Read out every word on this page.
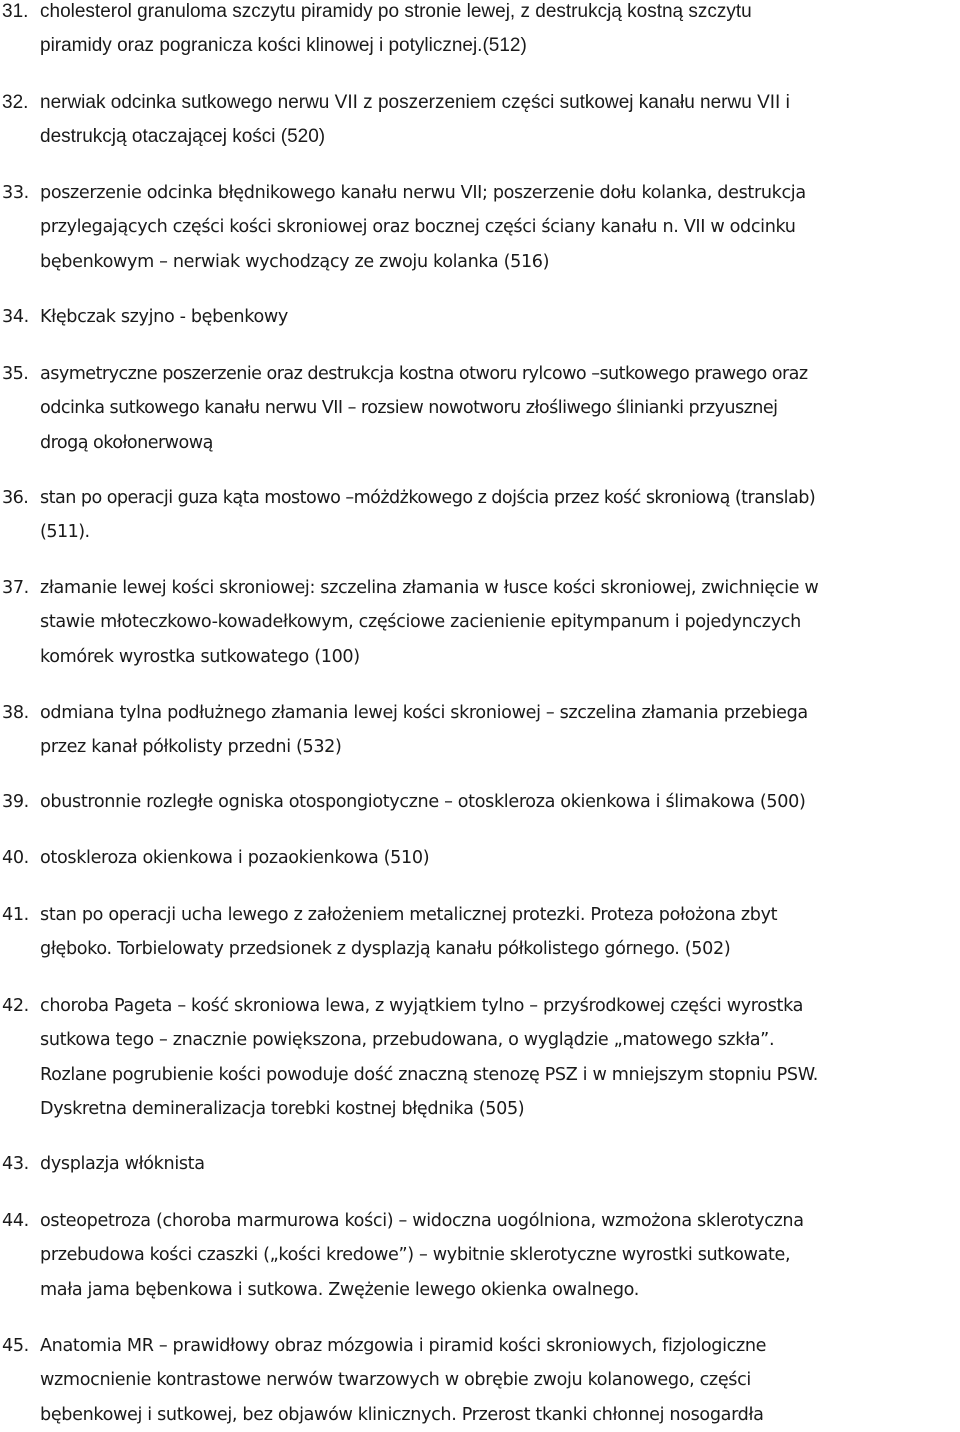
31. cholesterol granuloma szczytu piramidy po stronie lewej, z destrukcją kostną szczytu
piramidy oraz pogranicza kości klinowej i potylicznej.(512)
32. nerwiak odcinka sutkowego nerwu VII z poszerzeniem części sutkowej kanału nerwu VII i
destrukcją otaczającej kości (520)
33. poszerzenie odcinka błędnikowego kanału nerwu VII; poszerzenie dołu kolanka, destrukcja
przylegających części kości skroniowej oraz bocznej części ściany kanału n. VII w odcinku
bębenkowym – nerwiak wychodzący ze zwoju kolanka (516)
34. Kłębczak szyjno - bębenkowy
35. asymetryczne poszerzenie oraz destrukcja kostna otworu rylcowo –sutkowego prawego oraz
odcinka sutkowego kanału nerwu VII – rozsiew nowotworu złośliwego ślinianki przyusznej
drogą okołonerwową
36. stan po operacji guza kąta mostowo –móżdżkowego z dojścia przez kość skroniową (translab)
(511).
37. złamanie lewej kości skroniowej: szczelina złamania w łusce kości skroniowej, zwichnięcie w
stawie młoteczkowo-kowadełkowym, częściowe zacienienie epitympanum i pojedynczych
komórek wyrostka sutkowatego (100)
38. odmiana tylna podłużnego złamania lewej kości skroniowej – szczelina złamania przebiega
przez kanał półkolisty przedni (532)
39. obustronnie rozległe ogniska otospongiotyczne – otoskleroza okienkowa i ślimakowa (500)
40. otoskleroza okienkowa i pozaokienkowa (510)
41. stan po operacji ucha lewego z założeniem metalicznej protezki. Proteza położona zbyt
głęboko. Torbielowaty przedsionek z dysplazją kanału półkolistego górnego. (502)
42. choroba Pageta – kość skroniowa lewa, z wyjątkiem tylno – przyśrodkowej części wyrostka
sutkowa tego – znacznie powiększona, przebudowana, o wyglądzie „matowego szkła”.
Rozlane pogrubienie kości powoduje dość znaczną stenozę PSZ i w mniejszym stopniu PSW.
Dyskretna demineralizacja torebki kostnej błędnika (505)
43. dysplazja włóknista
44. osteopetroza (choroba marmurowa kości) – widoczna uogólniona, wzmożona sklerotyczna
przebudowa kości czaszki („kości kredowe”) – wybitnie sklerotyczne wyrostki sutkowate,
mała jama bębenkowa i sutkowa. Zwężenie lewego okienka owalnego.
45. Anatomia MR – prawidłowy obraz mózgowia i piramid kości skroniowych, fizjologiczne
wzmocnienie kontrastowe nerwów twarzowych w obrębie zwoju kolanowego, części
bębenkowej i sutkowej, bez objawów klinicznych. Przerost tkanki chłonnej nosogardła
